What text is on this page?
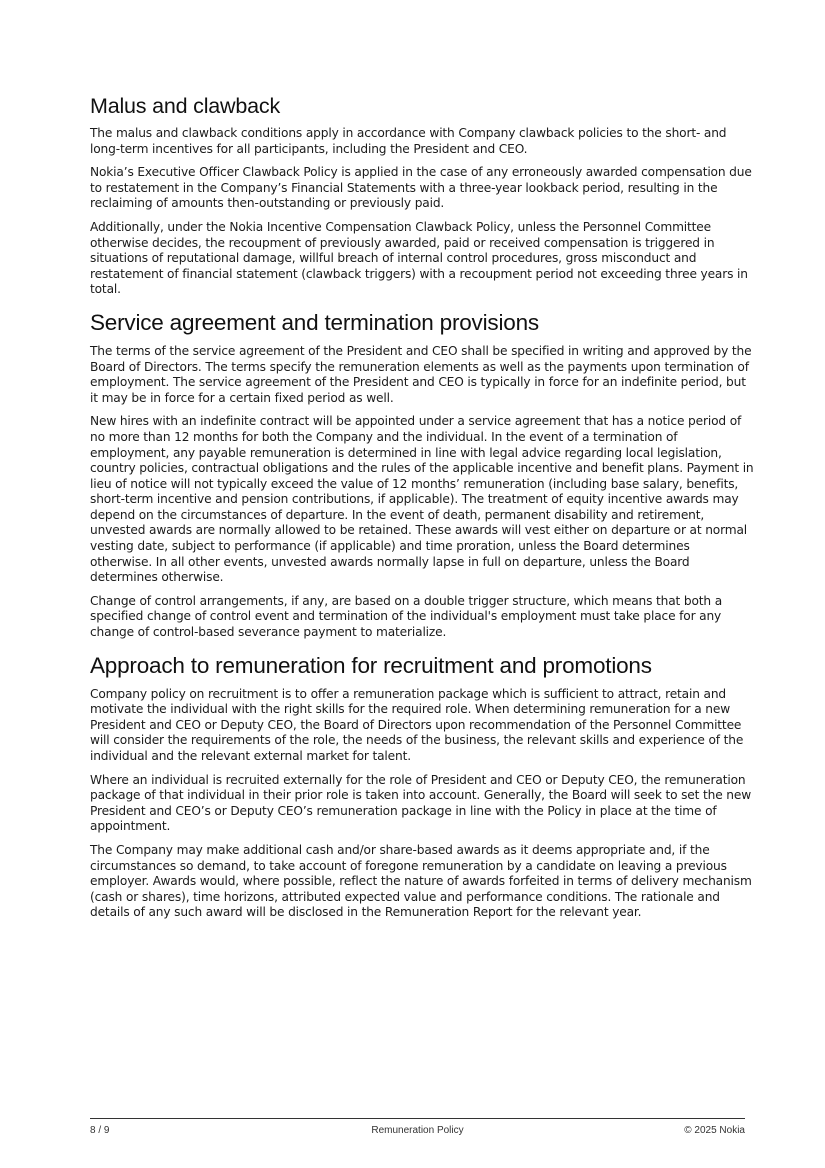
Malus and clawback

The malus and clawback conditions apply in accordance with Company clawback policies to the short- and long-term incentives for all participants, including the President and CEO.

Nokia’s Executive Officer Clawback Policy is applied in the case of any erroneously awarded compensation due to restatement in the Company’s Financial Statements with a three-year lookback period, resulting in the reclaiming of amounts then-outstanding or previously paid.

Additionally, under the Nokia Incentive Compensation Clawback Policy, unless the Personnel Committee otherwise decides, the recoupment of previously awarded, paid or received compensation is triggered in situations of reputational damage, willful breach of internal control procedures, gross misconduct and restatement of financial statement (clawback triggers) with a recoupment period not exceeding three years in total.

Service agreement and termination provisions

The terms of the service agreement of the President and CEO shall be specified in writing and approved by the Board of Directors. The terms specify the remuneration elements as well as the payments upon termination of employment. The service agreement of the President and CEO is typically in force for an indefinite period, but it may be in force for a certain fixed period as well.

New hires with an indefinite contract will be appointed under a service agreement that has a notice period of no more than 12 months for both the Company and the individual. In the event of a termination of employment, any payable remuneration is determined in line with legal advice regarding local legislation, country policies, contractual obligations and the rules of the applicable incentive and benefit plans. Payment in lieu of notice will not typically exceed the value of 12 months’ remuneration (including base salary, benefits, short-term incentive and pension contributions, if applicable). The treatment of equity incentive awards may depend on the circumstances of departure. In the event of death, permanent disability and retirement, unvested awards are normally allowed to be retained. These awards will vest either on departure or at normal vesting date, subject to performance (if applicable) and time proration, unless the Board determines otherwise. In all other events, unvested awards normally lapse in full on departure, unless the Board determines otherwise.

Change of control arrangements, if any, are based on a double trigger structure, which means that both a specified change of control event and termination of the individual's employment must take place for any change of control-based severance payment to materialize.

Approach to remuneration for recruitment and promotions

Company policy on recruitment is to offer a remuneration package which is sufficient to attract, retain and motivate the individual with the right skills for the required role. When determining remuneration for a new President and CEO or Deputy CEO, the Board of Directors upon recommendation of the Personnel Committee will consider the requirements of the role, the needs of the business, the relevant skills and experience of the individual and the relevant external market for talent.

Where an individual is recruited externally for the role of President and CEO or Deputy CEO, the remuneration package of that individual in their prior role is taken into account. Generally, the Board will seek to set the new President and CEO’s or Deputy CEO’s remuneration package in line with the Policy in place at the time of appointment.

The Company may make additional cash and/or share-based awards as it deems appropriate and, if the circumstances so demand, to take account of foregone remuneration by a candidate on leaving a previous employer. Awards would, where possible, reflect the nature of awards forfeited in terms of delivery mechanism (cash or shares), time horizons, attributed expected value and performance conditions. The rationale and details of any such award will be disclosed in the Remuneration Report for the relevant year.

Remuneration Policy
8 / 9	© 2025 Nokia
